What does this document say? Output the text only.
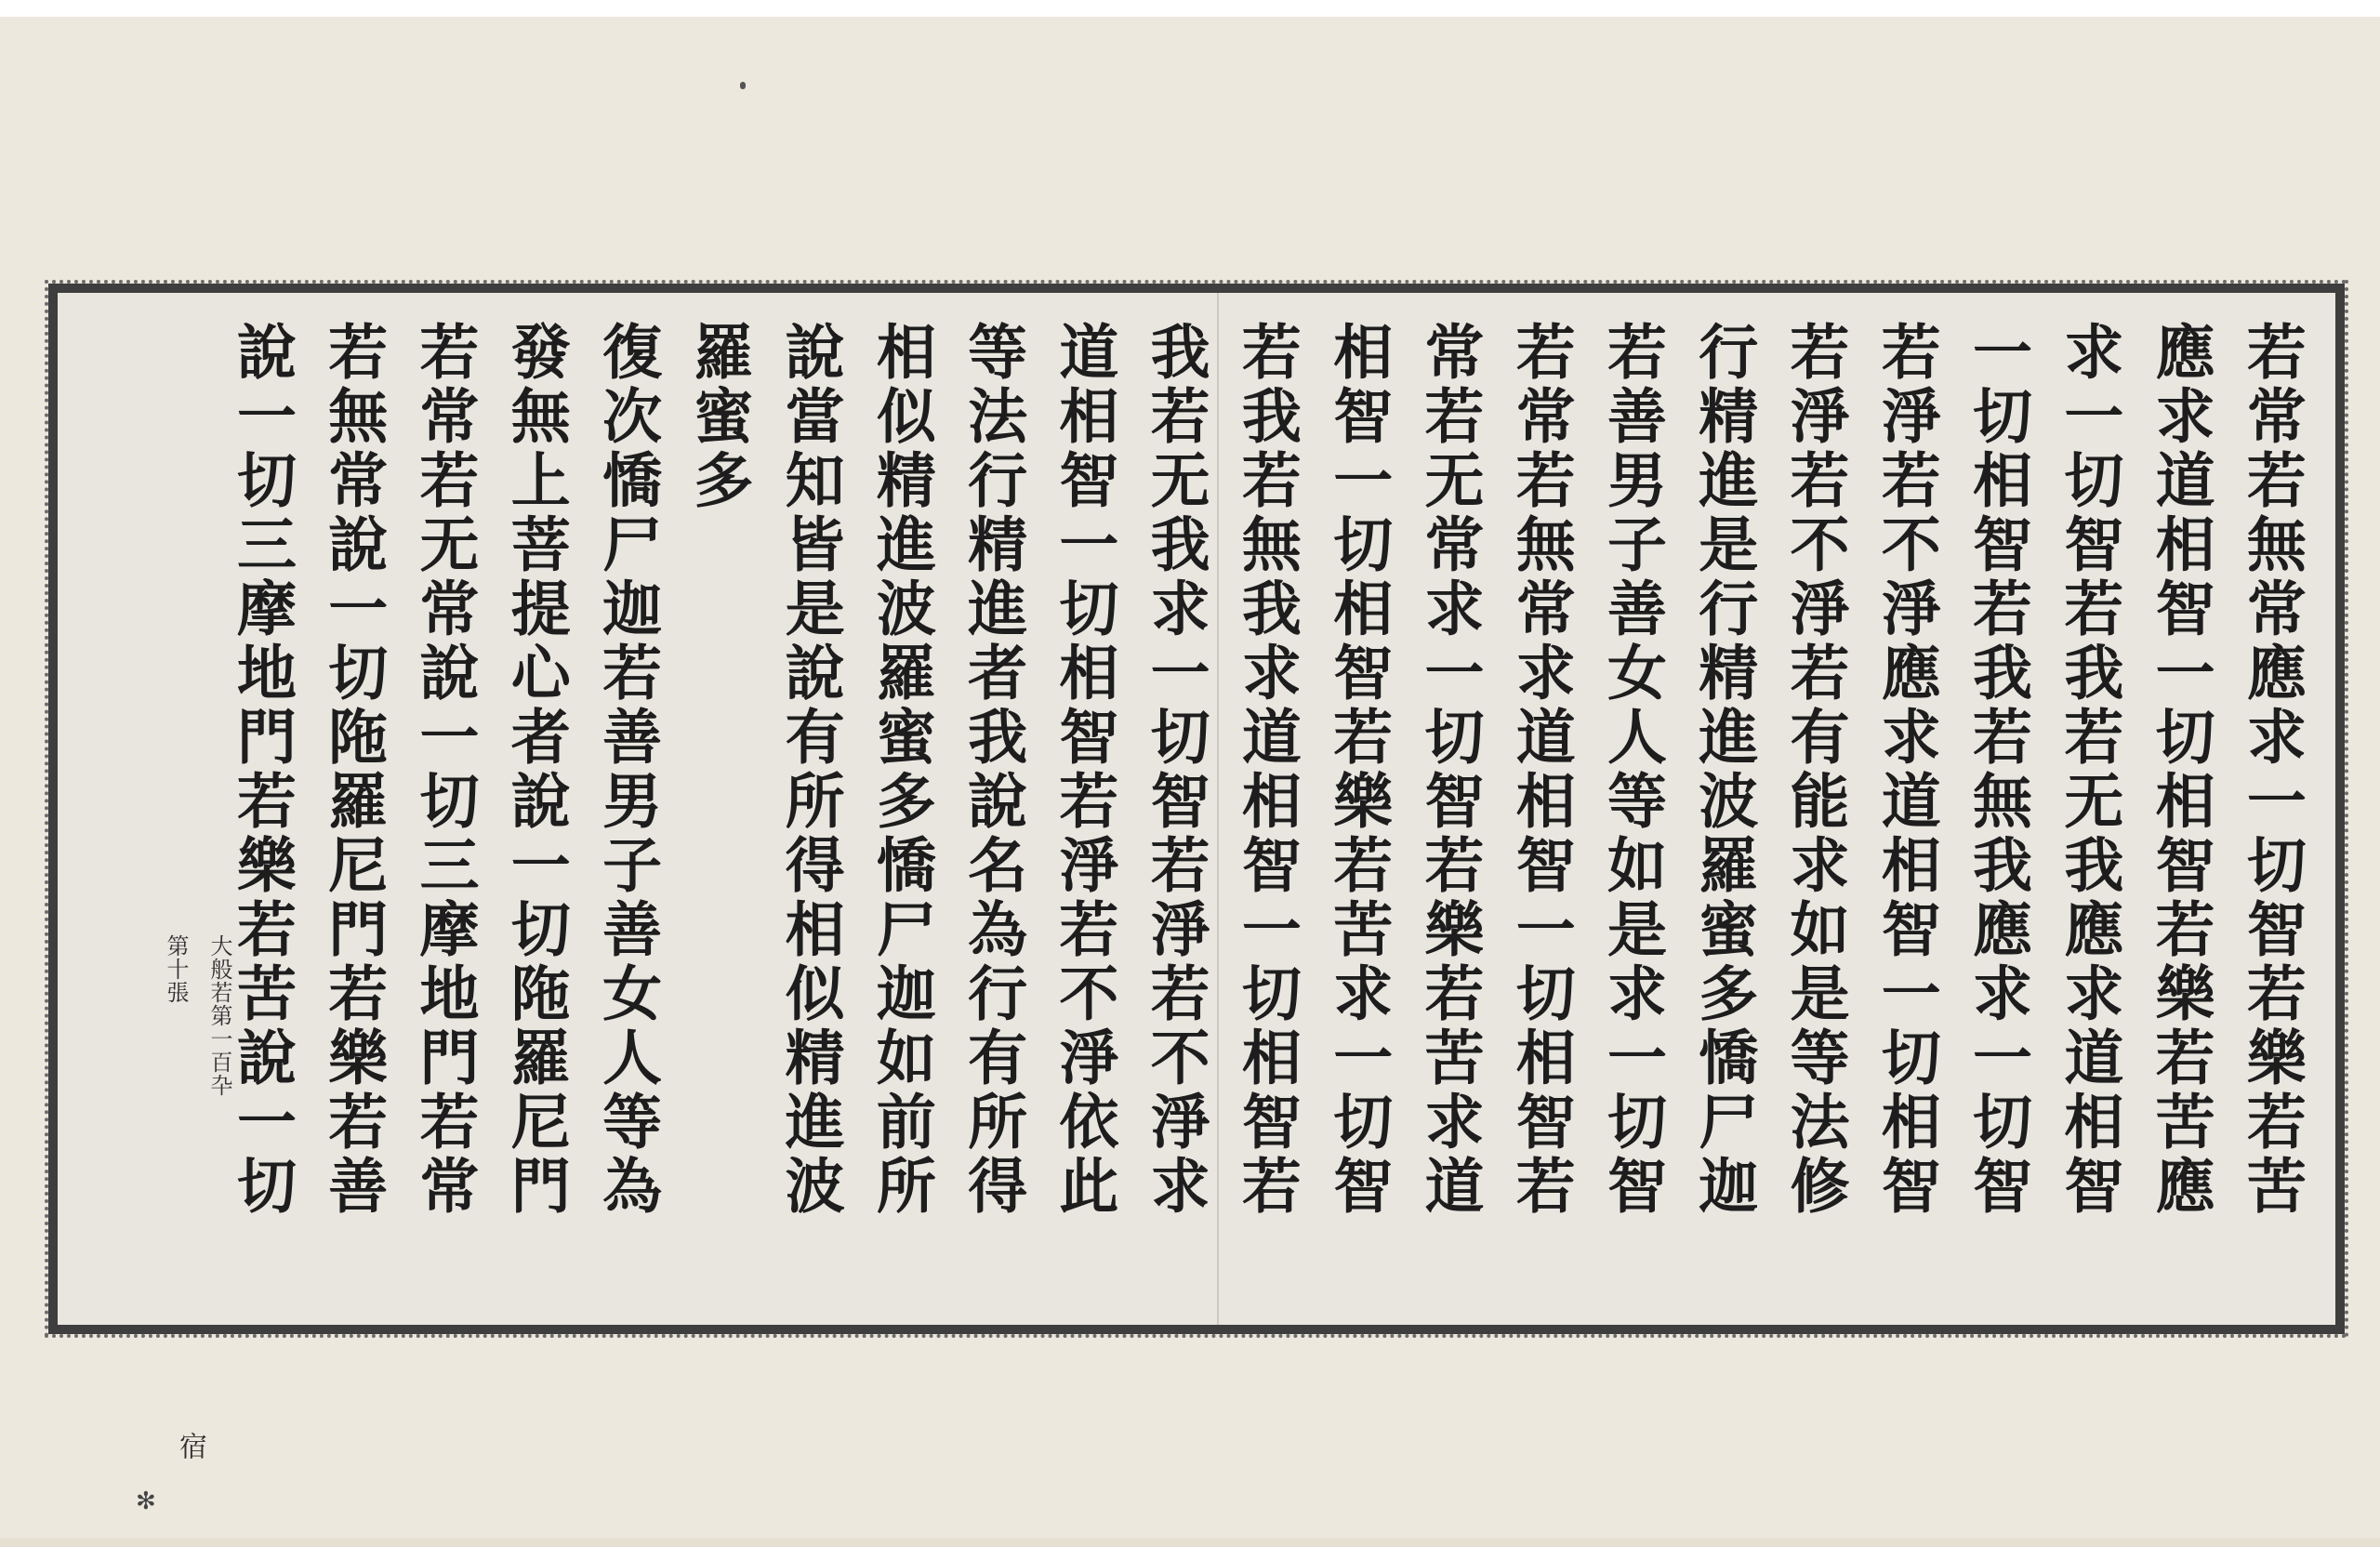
若常若無常應求一切智若樂若苦
應求道相智一切相智若樂若苦應
求一切智若我若无我應求道相智
一切相智若我若無我應求一切智
若淨若不淨應求道相智一切相智
若淨若不淨若有能求如是等法修
行精進是行精進波羅蜜多憍尸迦
若善男子善女人等如是求一切智
若常若無常求道相智一切相智若
常若无常求一切智若樂若苦求道
相智一切相智若樂若苦求一切智
若我若無我求道相智一切相智若
我若无我求一切智若淨若不淨求
道相智一切相智若淨若不淨依此
等法行精進者我說名為行有所得
相似精進波羅蜜多憍尸迦如前所
說當知皆是說有所得相似精進波
羅蜜多
復次憍尸迦若善男子善女人等為
發無上菩提心者說一切陁羅尼門
若常若无常說一切三摩地門若常
若無常說一切陁羅尼門若樂若善
說一切三摩地門若樂若苦說一切
大般若第一百卆
第十張
宿
✻
